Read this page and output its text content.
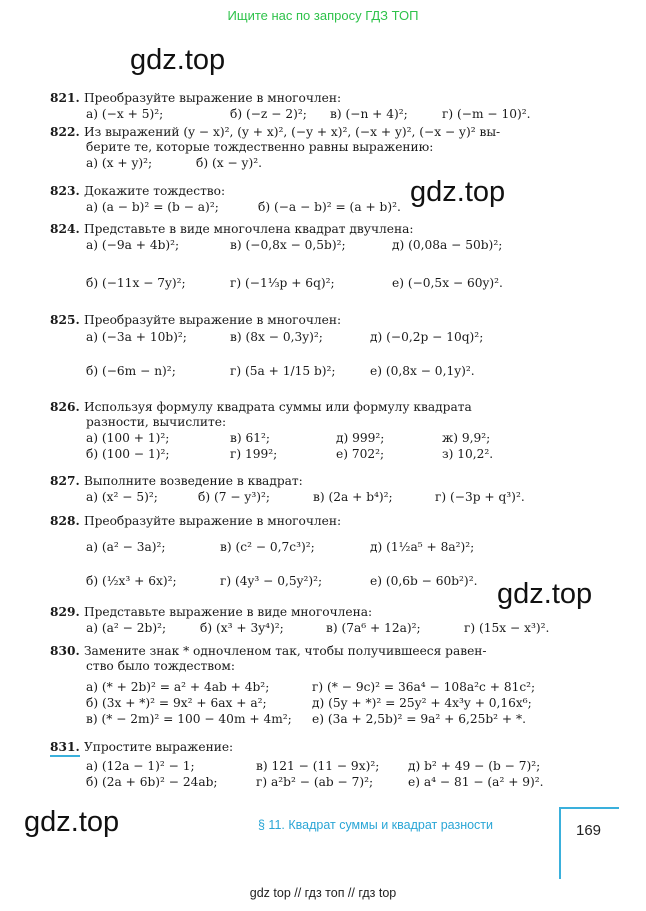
Ищите нас по запросу ГДЗ ТОП
gdz.top
gdz.top
gdz.top
gdz.top
821. Преобразуйте выражение в многочлен:
а) (−x + 5)²;	б) (−z − 2)²; в) (−n + 4)²;	г) (−m − 10)².
822. Из выражений (y − x)², (y + x)², (−y + x)², (−x + y)², (−x − y)² вы-
берите те, которые тождественно равны выражению:
а) (x + y)²;	б) (x − y)².
823. Докажите тождество:
а) (a − b)² = (b − a)²;	б) (−a − b)² = (a + b)².
824. Представьте в виде многочлена квадрат двучлена:
а) (−9a + 4b)²;	в) (−0,8x − 0,5b)²;	д) (0,08a − 50b)²;
б) (−11x − 7y)²;	г) (−1⅓p + 6q)²;	е) (−0,5x − 60y)².
825. Преобразуйте выражение в многочлен:
а) (−3a + 10b)²;	в) (8x − 0,3y)²;	д) (−0,2p − 10q)²;
б) (−6m − n)²;	г) (5a + 1/15 b)²;	е) (0,8x − 0,1y)².
826. Используя формулу квадрата суммы или формулу квадрата
разности, вычислите:
а) (100 + 1)²;	в) 61²;	д) 999²;	ж) 9,9²;
б) (100 − 1)²;	г) 199²;	е) 702²;	з) 10,2².
827. Выполните возведение в квадрат:
а) (x² − 5)²;	б) (7 − y³)²;	в) (2a + b⁴)²;	г) (−3p + q³)².
828. Преобразуйте выражение в многочлен:
а) (a² − 3a)²;	в) (c² − 0,7c³)²;	д) (1½a⁵ + 8a²)²;
б) (½x³ + 6x)²;	г) (4y³ − 0,5y²)²;	е) (0,6b − 60b²)².
829. Представьте выражение в виде многочлена:
а) (a² − 2b)²;	б) (x³ + 3y⁴)²;	в) (7a⁶ + 12a)²;	г) (15x − x³)².
830. Замените знак * одночленом так, чтобы получившееся равен-
ство было тождеством:
а) (* + 2b)² = a² + 4ab + 4b²;	г) (* − 9c)² = 36a⁴ − 108a²c + 81c²;
б) (3x + *)² = 9x² + 6ax + a²;	д) (5y + *)² = 25y² + 4x³y + 0,16x⁶;
в) (* − 2m)² = 100 − 40m + 4m²; е) (3a + 2,5b)² = 9a² + 6,25b² + *.
831. Упростите выражение:
а) (12a − 1)² − 1;	в) 121 − (11 − 9x)²; д) b² + 49 − (b − 7)²;
б) (2a + 6b)² − 24ab;	г) a²b² − (ab − 7)²;	е) a⁴ − 81 − (a² + 9)².
§ 11. Квадрат суммы и квадрат разности	169
gdz top // гдз топ // гдз top
